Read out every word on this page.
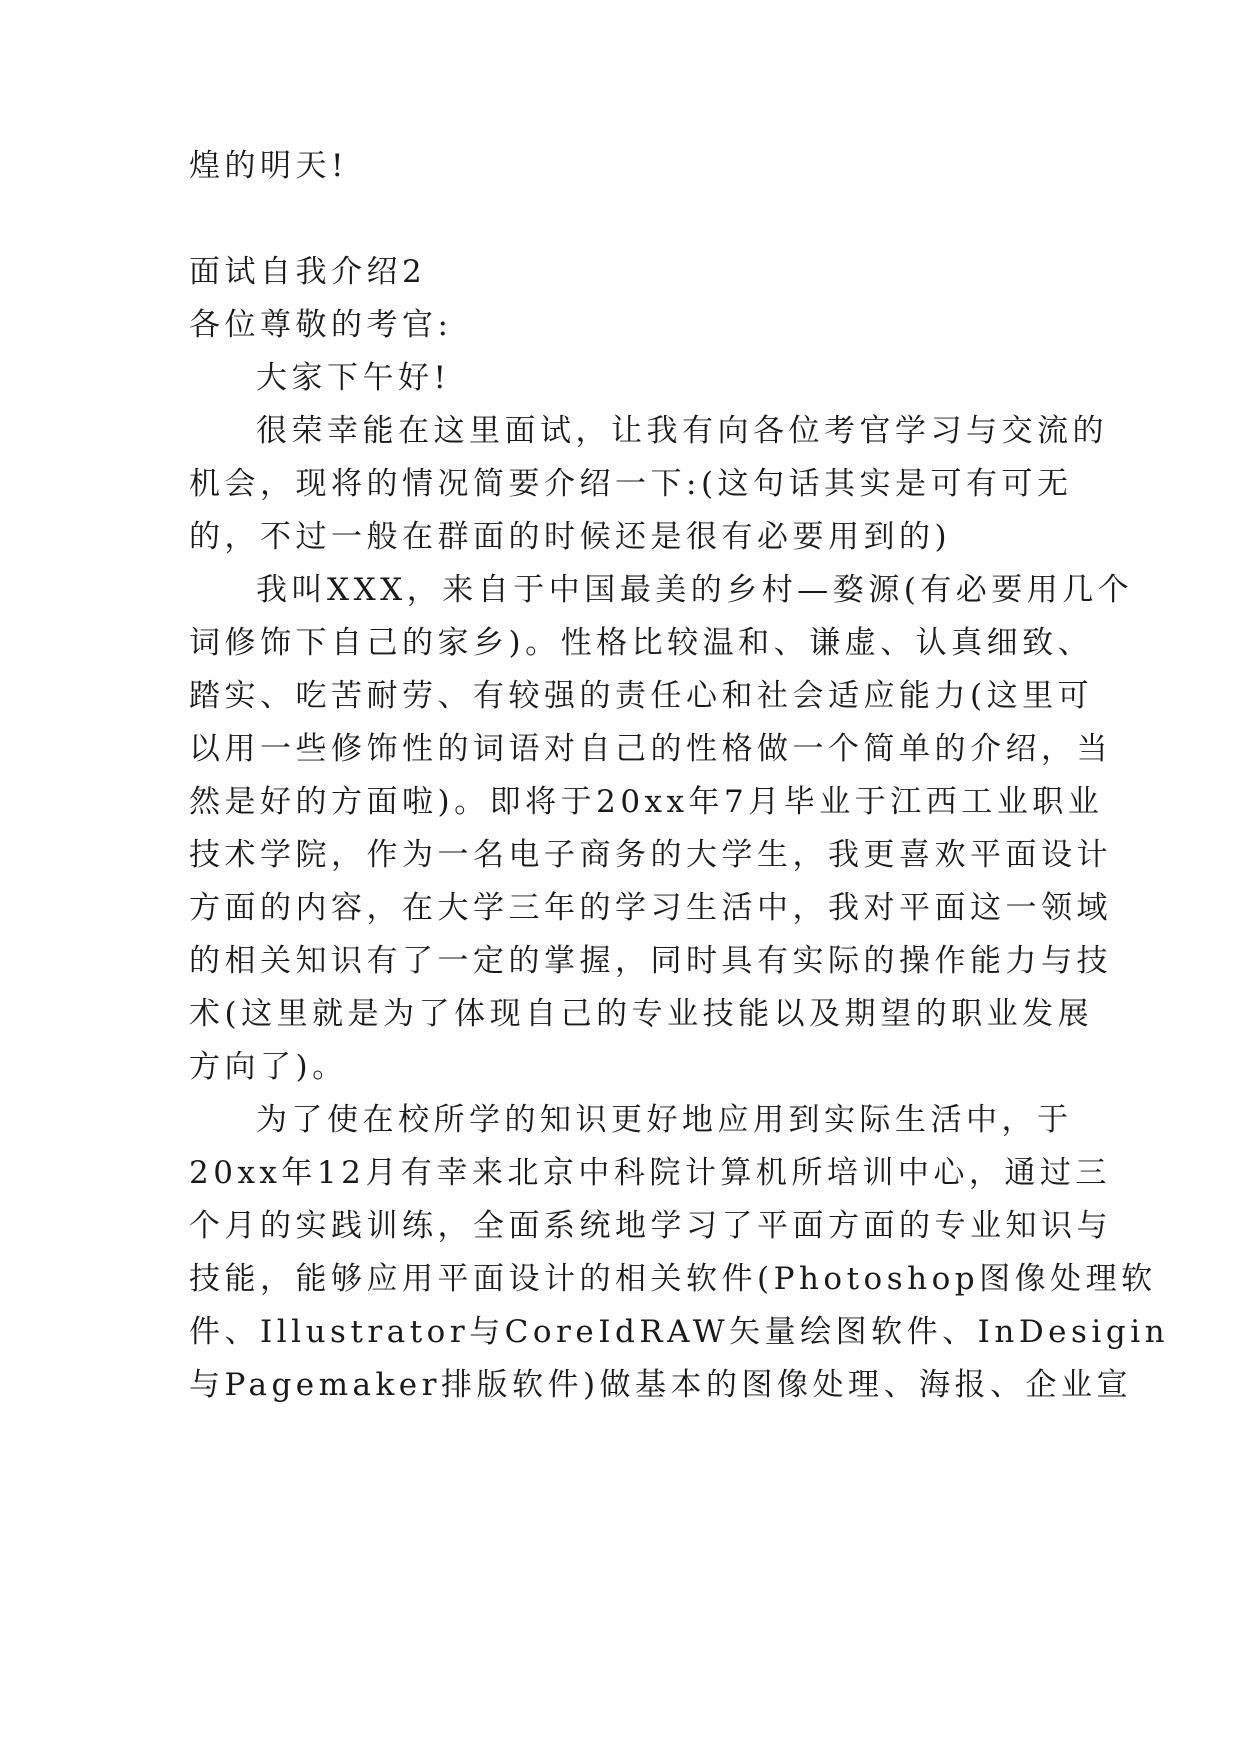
煌的明天!
面试自我介绍2
各位尊敬的考官:
大家下午好!
很荣幸能在这里面试，让我有向各位考官学习与交流的
机会，现将的情况简要介绍一下:(这句话其实是可有可无
的，不过一般在群面的时候还是很有必要用到的)
我叫XXX，来自于中国最美的乡村—婺源(有必要用几个
词修饰下自己的家乡)。性格比较温和、谦虚、认真细致、
踏实、吃苦耐劳、有较强的责任心和社会适应能力(这里可
以用一些修饰性的词语对自己的性格做一个简单的介绍，当
然是好的方面啦)。即将于20xx年7月毕业于江西工业职业
技术学院，作为一名电子商务的大学生，我更喜欢平面设计
方面的内容，在大学三年的学习生活中，我对平面这一领域
的相关知识有了一定的掌握，同时具有实际的操作能力与技
术(这里就是为了体现自己的专业技能以及期望的职业发展
方向了)。
为了使在校所学的知识更好地应用到实际生活中，于
20xx年12月有幸来北京中科院计算机所培训中心，通过三
个月的实践训练，全面系统地学习了平面方面的专业知识与
技能，能够应用平面设计的相关软件(Photoshop图像处理软
件、Illustrator与CoreIdRAW矢量绘图软件、InDesigin
与Pagemaker排版软件)做基本的图像处理、海报、企业宣
